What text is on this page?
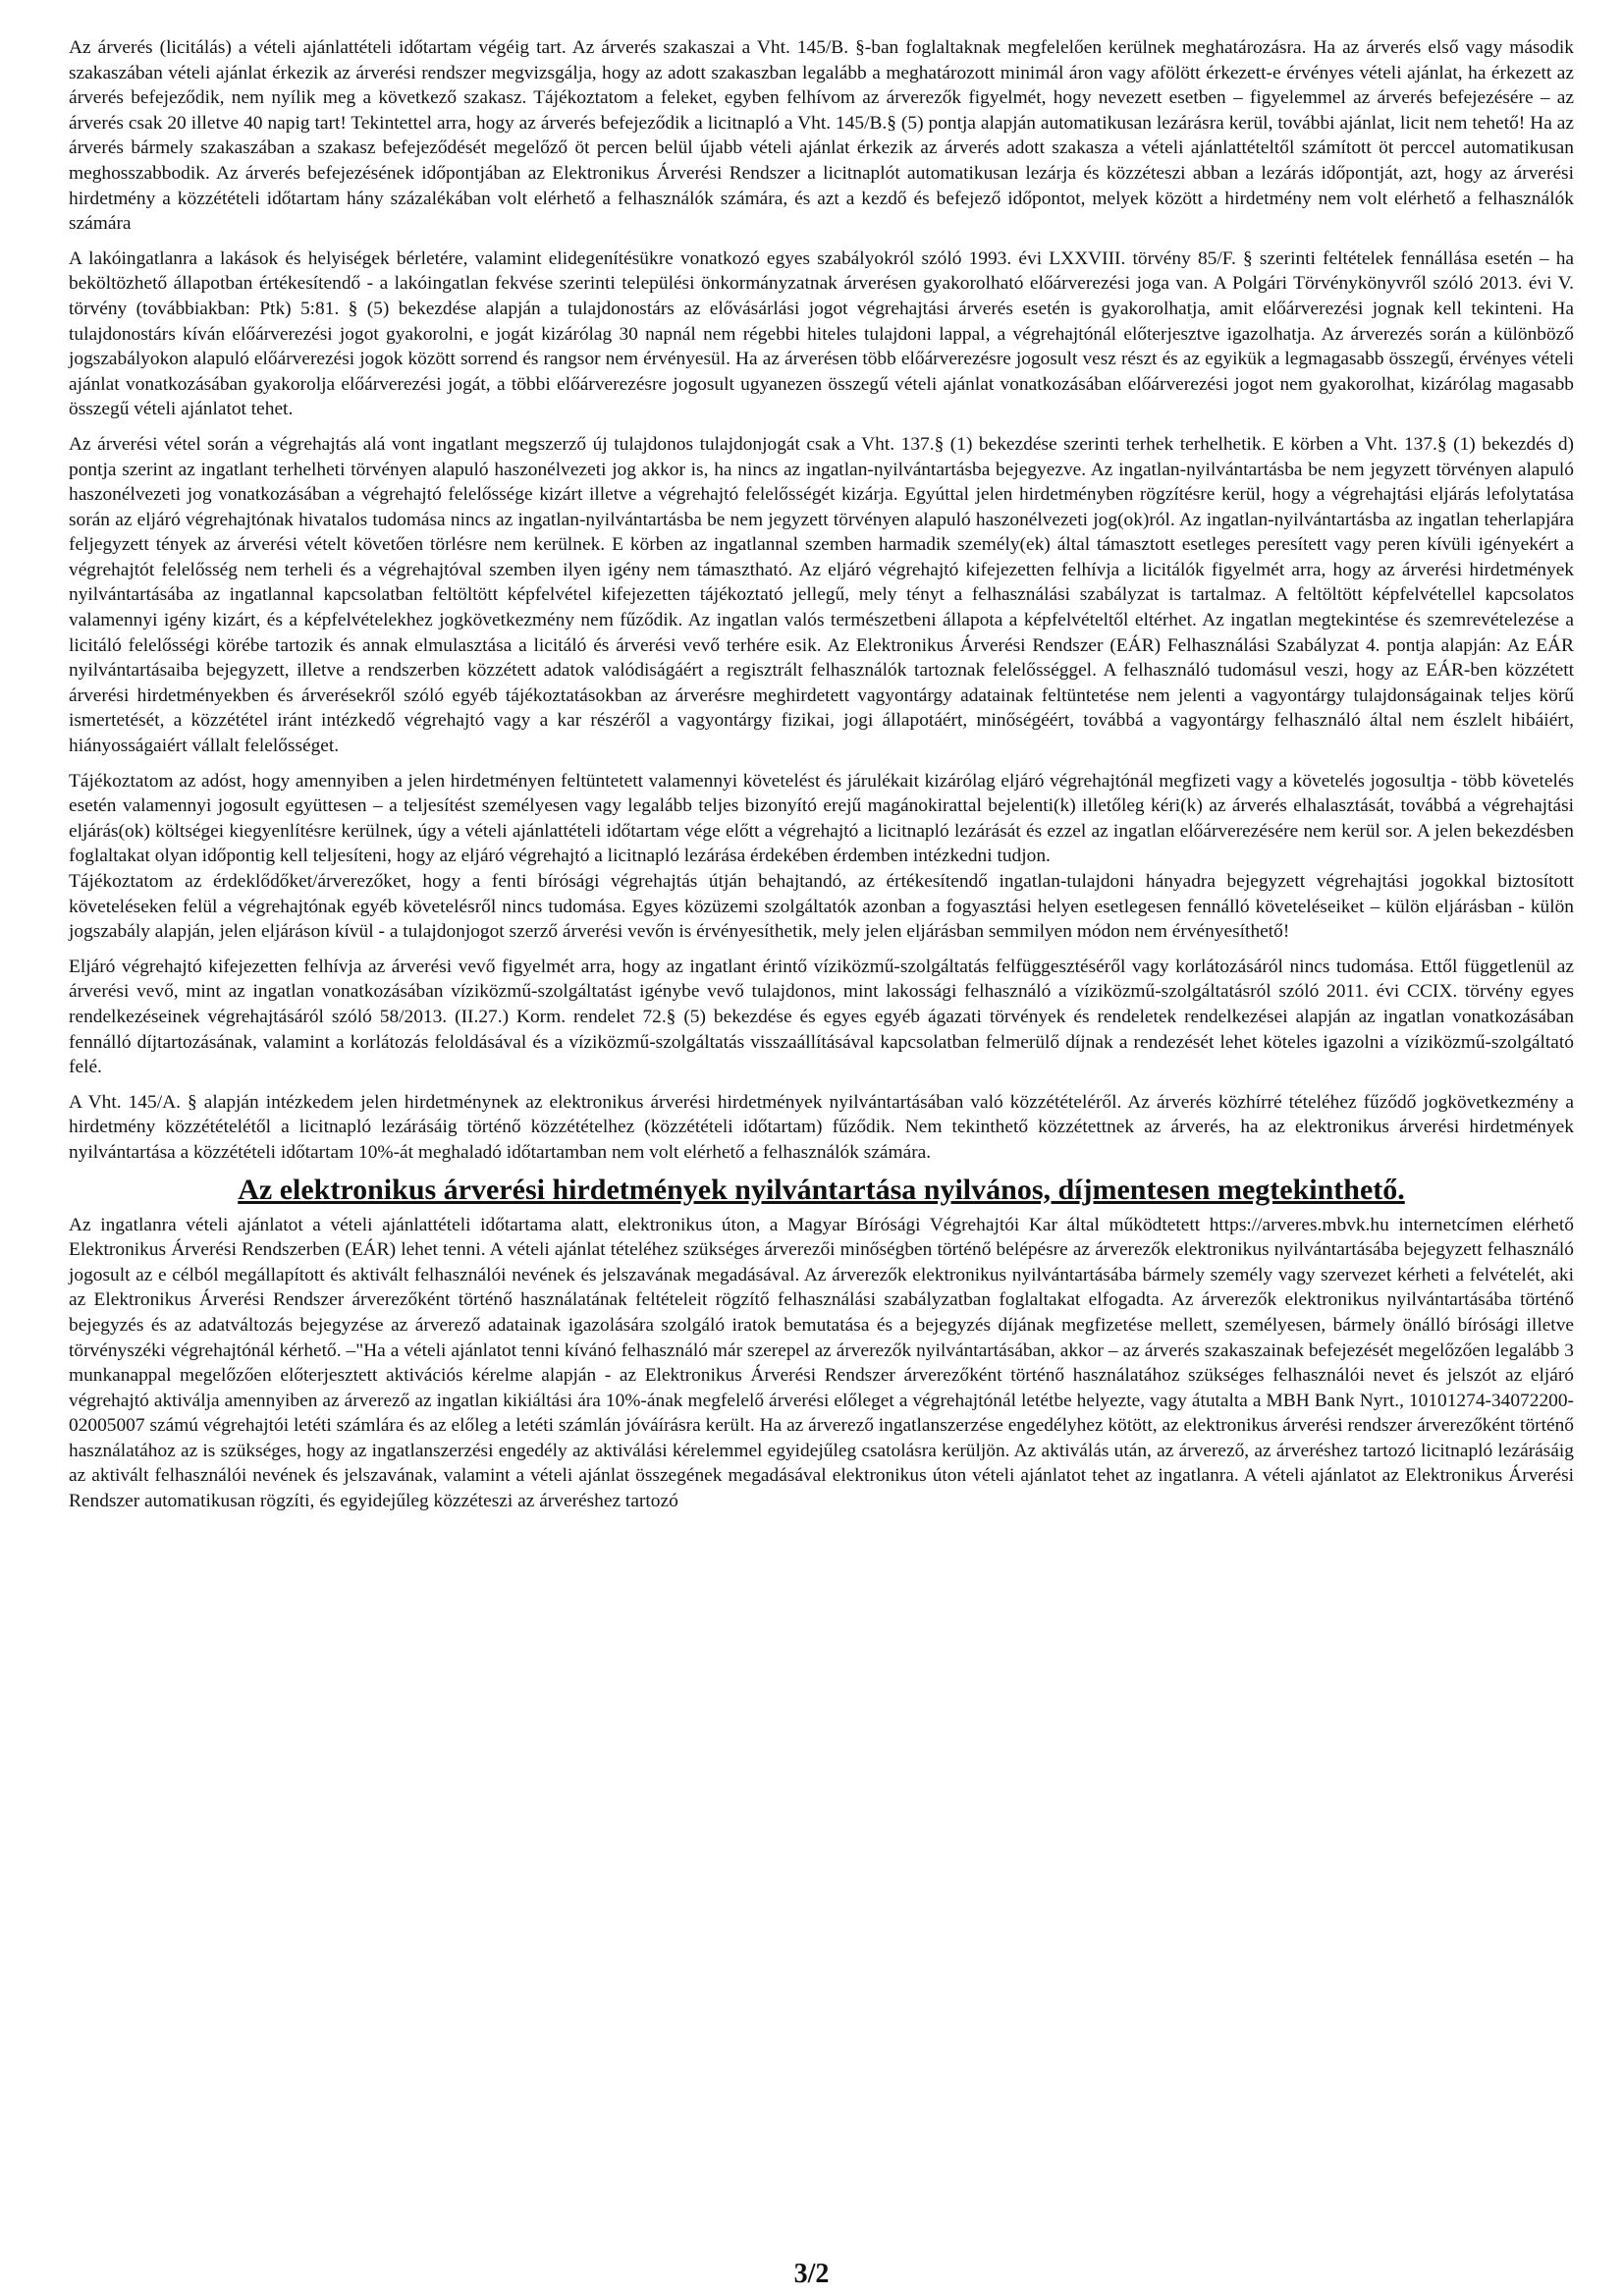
Az árverés (licitálás) a vételi ajánlattételi időtartam végéig tart. Az árverés szakaszai a Vht. 145/B. §-ban foglaltaknak megfelelően kerülnek meghatározásra. Ha az árverés első vagy második szakaszában vételi ajánlat érkezik az árverési rendszer megvizsgálja, hogy az adott szakaszban legalább a meghatározott minimál áron vagy afölött érkezett-e érvényes vételi ajánlat, ha érkezett az árverés befejeződik, nem nyílik meg a következő szakasz. Tájékoztatom a feleket, egyben felhívom az árverezők figyelmét, hogy nevezett esetben – figyelemmel az árverés befejezésére – az árverés csak 20 illetve 40 napig tart! Tekintettel arra, hogy az árverés befejeződik a licitnapló a Vht. 145/B.§ (5) pontja alapján automatikusan lezárásra kerül, további ajánlat, licit nem tehető! Ha az árverés bármely szakaszában a szakasz befejeződését megelőző öt percen belül újabb vételi ajánlat érkezik az árverés adott szakasza a vételi ajánlattételtől számított öt perccel automatikusan meghosszabbodik. Az árverés befejezésének időpontjában az Elektronikus Árverési Rendszer a licitnaplót automatikusan lezárja és közzéteszi abban a lezárás időpontját, azt, hogy az árverési hirdetmény a közzétételi időtartam hány százalékában volt elérhető a felhasználók számára, és azt a kezdő és befejező időpontot, melyek között a hirdetmény nem volt elérhető a felhasználók számára

A lakóingatlanra a lakások és helyiségek bérletére, valamint elidegenítésükre vonatkozó egyes szabályokról szóló 1993. évi LXXVIII. törvény 85/F. § szerinti feltételek fennállása esetén – ha beköltözhető állapotban értékesítendő - a lakóingatlan fekvése szerinti települési önkormányzatnak árverésen gyakorolható előárverezési joga van. A Polgári Törvénykönyvről szóló 2013. évi V. törvény (továbbiakban: Ptk) 5:81. § (5) bekezdése alapján a tulajdonostárs az elővásárlási jogot végrehajtási árverés esetén is gyakorolhatja, amit előárverezési jognak kell tekinteni. Ha tulajdonostárs kíván előárverezési jogot gyakorolni, e jogát kizárólag 30 napnál nem régebbi hiteles tulajdoni lappal, a végrehajtónál előterjesztve igazolhatja. Az árverezés során a különböző jogszabályokon alapuló előárverezési jogok között sorrend és rangsor nem érvényesül. Ha az árverésen több előárverezésre jogosult vesz részt és az egyikük a legmagasabb összegű, érvényes vételi ajánlat vonatkozásában gyakorolja előárverezési jogát, a többi előárverezésre jogosult ugyanezen összegű vételi ajánlat vonatkozásában előárverezési jogot nem gyakorolhat, kizárólag magasabb összegű vételi ajánlatot tehet.

Az árverési vétel során a végrehajtás alá vont ingatlant megszerző új tulajdonos tulajdonjogát csak a Vht. 137.§ (1) bekezdése szerinti terhek terhelhetik. E körben a Vht. 137.§ (1) bekezdés d) pontja szerint az ingatlant terhelheti törvényen alapuló haszonélvezeti jog akkor is, ha nincs az ingatlan-nyilvántartásba bejegyezve. Az ingatlan-nyilvántartásba be nem jegyzett törvényen alapuló haszonélvezeti jog vonatkozásában a végrehajtó felelőssége kizárt illetve a végrehajtó felelősségét kizárja. Egyúttal jelen hirdetményben rögzítésre kerül, hogy a végrehajtási eljárás lefolytatása során az eljáró végrehajtónak hivatalos tudomása nincs az ingatlan-nyilvántartásba be nem jegyzett törvényen alapuló haszonélvezeti jog(ok)ról. Az ingatlan-nyilvántartásba az ingatlan teherlapjára feljegyzett tények az árverési vételt követően törlésre nem kerülnek. E körben az ingatlannal szemben harmadik személy(ek) által támasztott esetleges peresített vagy peren kívüli igényekért a végrehajtót felelősség nem terheli és a végrehajtóval szemben ilyen igény nem támasztható. Az eljáró végrehajtó kifejezetten felhívja a licitálók figyelmét arra, hogy az árverési hirdetmények nyilvántartásába az ingatlannal kapcsolatban feltöltött képfelvétel kifejezetten tájékoztató jellegű, mely tényt a felhasználási szabályzat is tartalmaz. A feltöltött képfelvétellel kapcsolatos valamennyi igény kizárt, és a képfelvételekhez jogkövetkezmény nem fűződik. Az ingatlan valós természetbeni állapota a képfelvételtől eltérhet. Az ingatlan megtekintése és szemrevételezése a licitáló felelősségi körébe tartozik és annak elmulasztása a licitáló és árverési vevő terhére esik. Az Elektronikus Árverési Rendszer (EÁR) Felhasználási Szabályzat 4. pontja alapján: Az EÁR nyilvántartásaiba bejegyzett, illetve a rendszerben közzétett adatok valódiságáért a regisztrált felhasználók tartoznak felelősséggel. A felhasználó tudomásul veszi, hogy az EÁR-ben közzétett árverési hirdetményekben és árverésekről szóló egyéb tájékoztatásokban az árverésre meghirdetett vagyontárgy adatainak feltüntetése nem jelenti a vagyontárgy tulajdonságainak teljes körű ismertetését, a közzététel iránt intézkedő végrehajtó vagy a kar részéről a vagyontárgy fizikai, jogi állapotáért, minőségéért, továbbá a vagyontárgy felhasználó által nem észlelt hibáiért, hiányosságaiért vállalt felelősséget.

Tájékoztatom az adóst, hogy amennyiben a jelen hirdetményen feltüntetett valamennyi követelést és járulékait kizárólag eljáró végrehajtónál megfizeti vagy a követelés jogosultja - több követelés esetén valamennyi jogosult együttesen – a teljesítést személyesen vagy legalább teljes bizonyító erejű magánokirattal bejelenti(k) illetőleg kéri(k) az árverés elhalasztását, továbbá a végrehajtási eljárás(ok) költségei kiegyenlítésre kerülnek, úgy a vételi ajánlattételi időtartam vége előtt a végrehajtó a licitnapló lezárását és ezzel az ingatlan előárverezésére nem kerül sor. A jelen bekezdésben foglaltakat olyan időpontig kell teljesíteni, hogy az eljáró végrehajtó a licitnapló lezárása érdekében érdemben intézkedni tudjon.

Tájékoztatom az érdeklődőket/árverezőket, hogy a fenti bírósági végrehajtás útján behajtandó, az értékesítendő ingatlan-tulajdoni hányadra bejegyzett végrehajtási jogokkal biztosított követeléseken felül a végrehajtónak egyéb követelésről nincs tudomása. Egyes közüzemi szolgáltatók azonban a fogyasztási helyen esetlegesen fennálló követeléseiket – külön eljárásban - külön jogszabály alapján, jelen eljáráson kívül - a tulajdonjogot szerző árverési vevőn is érvényesíthetik, mely jelen eljárásban semmilyen módon nem érvényesíthető!

Eljáró végrehajtó kifejezetten felhívja az árverési vevő figyelmét arra, hogy az ingatlant érintő víziközmű-szolgáltatás felfüggesztéséről vagy korlátozásáról nincs tudomása. Ettől függetlenül az árverési vevő, mint az ingatlan vonatkozásában víziközmű-szolgáltatást igénybe vevő tulajdonos, mint lakossági felhasználó a víziközmű-szolgáltatásról szóló 2011. évi CCIX. törvény egyes rendelkezéseinek végrehajtásáról szóló 58/2013. (II.27.) Korm. rendelet 72.§ (5) bekezdése és egyes egyéb ágazati törvények és rendeletek rendelkezései alapján az ingatlan vonatkozásában fennálló díjtartozásának, valamint a korlátozás feloldásával és a víziközmű-szolgáltatás visszaállításával kapcsolatban felmerülő díjnak a rendezését lehet köteles igazolni a víziközmű-szolgáltató felé.

A Vht. 145/A. § alapján intézkedem jelen hirdetménynek az elektronikus árverési hirdetmények nyilvántartásában való közzétételéről. Az árverés közhírré tételéhez fűződő jogkövetkezmény a hirdetmény közzétételétől a licitnapló lezárásáig történő közzétételhez (közzétételi időtartam) fűződik. Nem tekinthető közzétettnek az árverés, ha az elektronikus árverési hirdetmények nyilvántartása a közzétételi időtartam 10%-át meghaladó időtartamban nem volt elérhető a felhasználók számára.

Az elektronikus árverési hirdetmények nyilvántartása nyilvános, díjmentesen megtekinthető.

Az ingatlanra vételi ajánlatot a vételi ajánlattételi időtartama alatt, elektronikus úton, a Magyar Bírósági Végrehajtói Kar által működtetett https://arveres.mbvk.hu internetcímen elérhető Elektronikus Árverési Rendszerben (EÁR) lehet tenni. A vételi ajánlat tételéhez szükséges árverezői minőségben történő belépésre az árverezők elektronikus nyilvántartásába bejegyzett felhasználó jogosult az e célból megállapított és aktivált felhasználói nevének és jelszavának megadásával. Az árverezők elektronikus nyilvántartásába bármely személy vagy szervezet kérheti a felvételét, aki az Elektronikus Árverési Rendszer árverezőként történő használatának feltételeit rögzítő felhasználási szabályzatban foglaltakat elfogadta. Az árverezők elektronikus nyilvántartásába történő bejegyzés és az adatváltozás bejegyzése az árverező adatainak igazolására szolgáló iratok bemutatása és a bejegyzés díjának megfizetése mellett, személyesen, bármely önálló bírósági illetve törvényszéki végrehajtónál kérhető. –"Ha a vételi ajánlatot tenni kívánó felhasználó már szerepel az árverezők nyilvántartásában, akkor – az árverés szakaszainak befejezését megelőzően legalább 3 munkanappal megelőzően előterjesztett aktivációs kérelme alapján - az Elektronikus Árverési Rendszer árverezőként történő használatához szükséges felhasználói nevet és jelszót az eljáró végrehajtó aktiválja amennyiben az árverező az ingatlan kikiáltási ára 10%-ának megfelelő árverési előleget a végrehajtónál letétbe helyezte, vagy átutalta a MBH Bank Nyrt., 10101274-34072200-02005007 számú végrehajtói letéti számlára és az előleg a letéti számlán jóváírásra került. Ha az árverező ingatlanszerzése engedélyhez kötött, az elektronikus árverési rendszer árverezőként történő használatához az is szükséges, hogy az ingatlanszerzési engedély az aktiválási kérelemmel egyidejűleg csatolásra kerüljön. Az aktiválás után, az árverező, az árveréshez tartozó licitnapló lezárásáig az aktivált felhasználói nevének és jelszavának, valamint a vételi ajánlat összegének megadásával elektronikus úton vételi ajánlatot tehet az ingatlanra. A vételi ajánlatot az Elektronikus Árverési Rendszer automatikusan rögzíti, és egyidejűleg közzéteszi az árveréshez tartozó

3/2
